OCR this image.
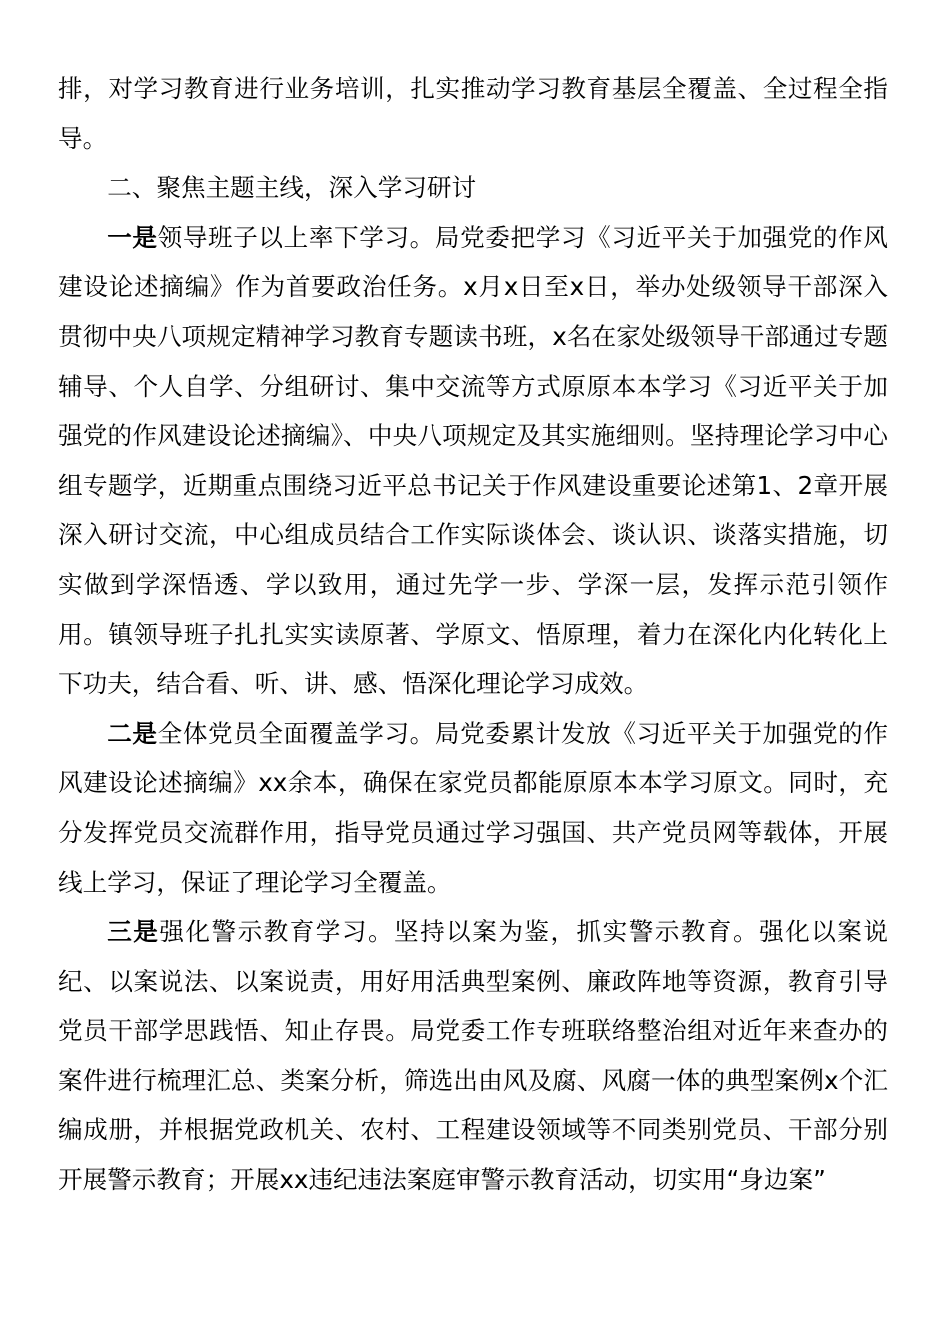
排，对学习教育进行业务培训，扎实推动学习教育基层全覆盖、全过程全指导。

二、聚焦主题主线，深入学习研讨

一是领导班子以上率下学习。局党委把学习《习近平关于加强党的作风建设论述摘编》作为首要政治任务。x月x日至x日，举办处级领导干部深入贯彻中央八项规定精神学习教育专题读书班，x名在家处级领导干部通过专题辅导、个人自学、分组研讨、集中交流等方式原原本本学习《习近平关于加强党的作风建设论述摘编》、中央八项规定及其实施细则。坚持理论学习中心组专题学，近期重点围绕习近平总书记关于作风建设重要论述第1、2章开展深入研讨交流，中心组成员结合工作实际谈体会、谈认识、谈落实措施，切实做到学深悟透、学以致用，通过先学一步、学深一层，发挥示范引领作用。镇领导班子扎扎实实读原著、学原文、悟原理，着力在深化内化转化上下功夫，结合看、听、讲、感、悟深化理论学习成效。

二是全体党员全面覆盖学习。局党委累计发放《习近平关于加强党的作风建设论述摘编》xx余本，确保在家党员都能原原本本学习原文。同时，充分发挥党员交流群作用，指导党员通过学习强国、共产党员网等载体，开展线上学习，保证了理论学习全覆盖。

三是强化警示教育学习。坚持以案为鉴，抓实警示教育。强化以案说纪、以案说法、以案说责，用好用活典型案例、廉政阵地等资源，教育引导党员干部学思践悟、知止存畏。局党委工作专班联络整治组对近年来查办的案件进行梳理汇总、类案分析，筛选出由风及腐、风腐一体的典型案例x个汇编成册，并根据党政机关、农村、工程建设领域等不同类别党员、干部分别开展警示教育；开展xx违纪违法案庭审警示教育活动，切实用“身边案”
